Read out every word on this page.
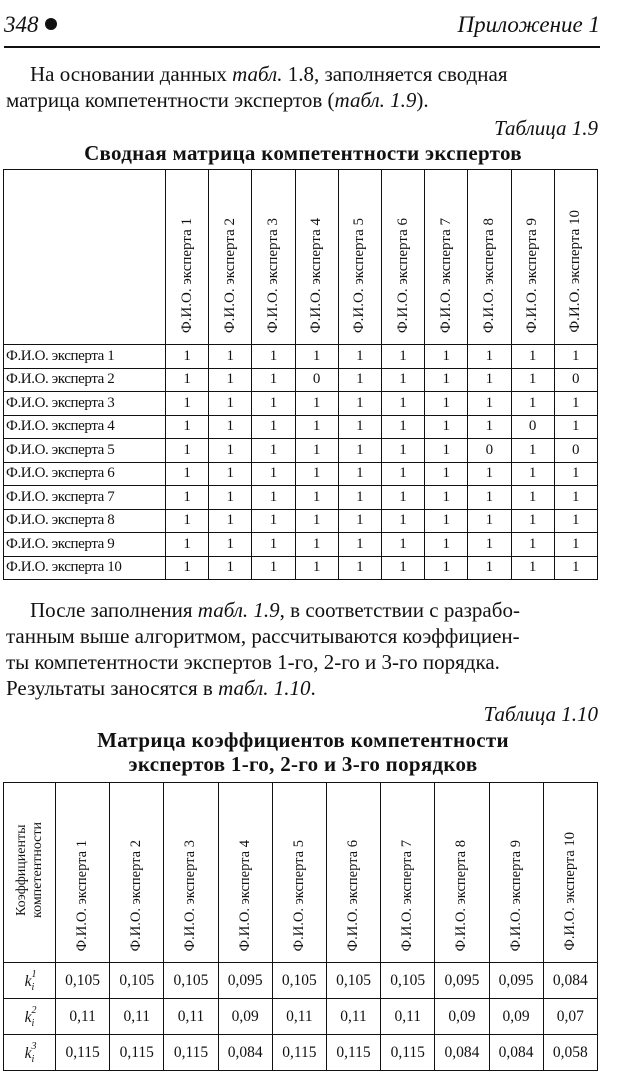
348	Приложение 1

На основании данных табл. 1.8, заполняется сводная

матрица компетентности экспертов (табл. 1.9).

Таблица 1.9
Сводная матрица компетентности экспертов
	Ф.И.О. эксперта 1	Ф.И.О. эксперта 2	Ф.И.О. эксперта 3	Ф.И.О. эксперта 4	Ф.И.О. эксперта 5	Ф.И.О. эксперта 6	Ф.И.О. эксперта 7	Ф.И.О. эксперта 8	Ф.И.О. эксперта 9	Ф.И.О. эксперта 10
Ф.И.О. эксперта 1	1	1	1	1	1	1	1	1	1	1
Ф.И.О. эксперта 2	1	1	1	0	1	1	1	1	1	0
Ф.И.О. эксперта 3	1	1	1	1	1	1	1	1	1	1
Ф.И.О. эксперта 4	1	1	1	1	1	1	1	1	0	1
Ф.И.О. эксперта 5	1	1	1	1	1	1	1	0	1	0
Ф.И.О. эксперта 6	1	1	1	1	1	1	1	1	1	1
Ф.И.О. эксперта 7	1	1	1	1	1	1	1	1	1	1
Ф.И.О. эксперта 8	1	1	1	1	1	1	1	1	1	1
Ф.И.О. эксперта 9	1	1	1	1	1	1	1	1	1	1
Ф.И.О. эксперта 10	1	1	1	1	1	1	1	1	1	1

После заполнения табл. 1.9, в соответствии с разрабо-

танным выше алгоритмом, рассчитываются коэффициен-

ты компетентности экспертов 1-го, 2-го и 3-го порядка.

Результаты заносятся в табл. 1.10.

Таблица 1.10
Матрица коэффициентов компетентности
экспертов 1-го, 2-го и 3-го порядков
Коэффициенты
компетентности	Ф.И.О. эксперта 1	Ф.И.О. эксперта 2	Ф.И.О. эксперта 3	Ф.И.О. эксперта 4	Ф.И.О. эксперта 5	Ф.И.О. эксперта 6	Ф.И.О. эксперта 7	Ф.И.О. эксперта 8	Ф.И.О. эксперта 9	Ф.И.О. эксперта 10
$k^1_i$	0,105	0,105	0,105	0,095	0,105	0,105	0,105	0,095	0,095	0,084
$k^2_i$	0,11	0,11	0,11	0,09	0,11	0,11	0,11	0,09	0,09	0,07
$k^3_i$	0,115	0,115	0,115	0,084	0,115	0,115	0,115	0,084	0,084	0,058
